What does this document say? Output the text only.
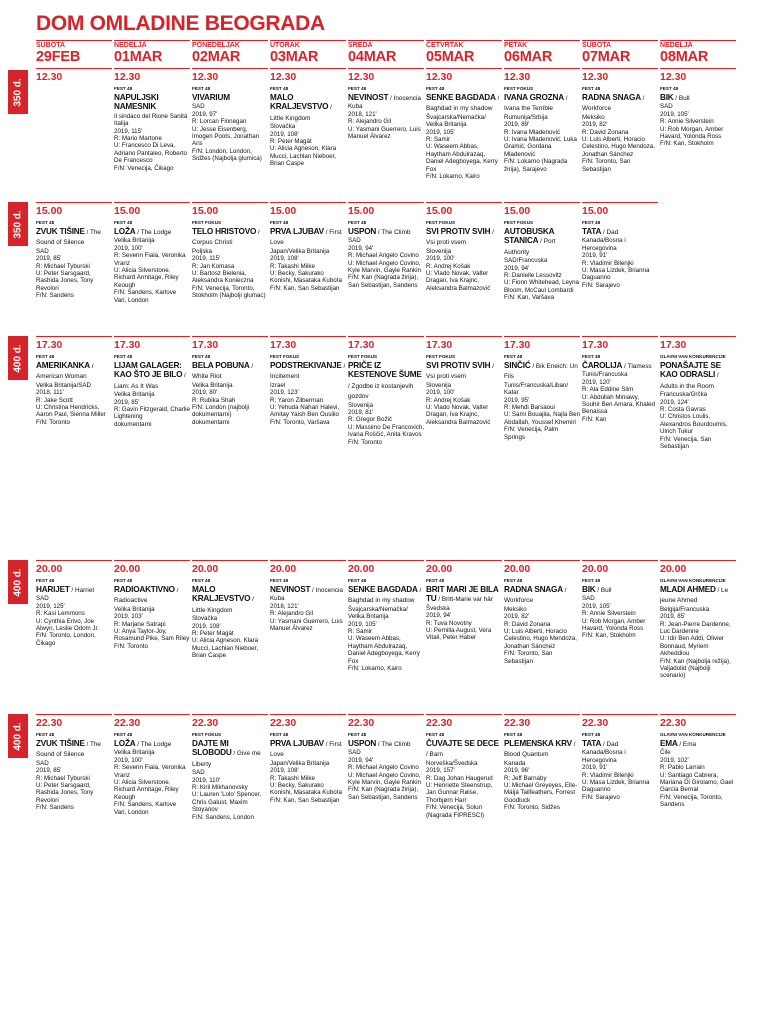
DOM OMLADINE BEOGRADA
SUBOTA
29FEB
NEDELJA
01MAR
PONEDELJAK
02MAR
UTORAK
03MAR
SREDA
04MAR
ČETVRTAK
05MAR
PETAK
06MAR
SUBOTA
07MAR
NEDELJA
08MAR
350 d.
12.30	12.30
FEST 48
NAPULJSKI NAMESNIK
Il sindaco del Rione Sanità
Italija
2019, 115'
R: Mario Martone
U: Francesco Di Leva, Adriano Pantaleo, Roberto De Francesco
F/N: Venecija, Čikago
12.30
FEST 48
VIVARIUM
SAD
2019, 97'
R: Lorcan Finnegan
U: Jesse Eisenberg, Imogen Poots, Jonathan Aris
F/N: London, London, Sidžes (Najbolja glumica)
12.30
FEST 48
MALO KRALJEVSTVO / Little Kingdom
Slovačka
2019, 108'
R: Peter Magát
U: Alicia Agneson, Klara Mucci, Lachlan Nieboer, Brian Caspe
12.30
FEST 48
NEVINOST / Inocencia
Kuba
2018, 121'
R: Alejandro Gil
U: Yasmani Guerrero, Luis Manuel Álvarez
12.30
FEST 48
SENKE BAGDADA / Baghdad in my shadow
Švajcarska/Nemačka/ Velika Britanija
2019, 105'
R: Samir
U: Waseem Abbas, Haytham Abdulrazaq, Daniel Adegboyega, Kerry Fox
F/N: Lokarno, Kairo
12.30
FEST FOKUS
IVANA GROZNA / Ivana the Terrible
Rumunija/Srbija
2019, 89'
R: Ivana Mladenović
U: Ivana Mladenović, Luka Gramić, Gordana Mladenović
F/N: Lokarno (Nagrada žirija), Sarajevo
12.30
FEST 48
RADNA SNAGA / Workforce
Meksiko
2019, 82'
R: David Zonana
U: Luis Alberti, Horacio Celestino, Hugo Mendoza, Jonathan Sánchez
F/N: Toronto, San Sebastijan
12.30
FEST 48
BIK / Bull
SAD
2019, 105'
R: Annie Silverstein
U: Rob Morgan, Amber Havard, Yolonda Ross
F/N: Kan, Stokholm
350 d. 15.00
FEST 48
ZVUK TIŠINE / The Sound of Silence
SAD
2019, 85'
R: Michael Tyburski
U: Peter Sarsgaard, Rashida Jones, Tony Revolori
F/N: Sandens
15.00
FEST 48
LOŽA / The Lodge
Velika Britanija
2019, 100'
R: Severin Fiala, Veronika Vranz
U: Alicia Silverstone, Richard Armitage, Riley Keough
F/N: Sandens, Karlove Vari, London
15.00
FEST FOKUS
TELO HRISTOVO / Corpus Christi
Poljska
2019, 115'
R: Jan Komasa
U: Bartosz Bielenia, Aleksandra Konieczna
F/N: Venecija, Toronto, Stokholm (Najbolji glumac)
15.00
FEST 48
PRVA LJUBAV / First Love
Japan/Velika Britanija
2019, 108'
R: Takashi Miike
U: Becky, Sakurako Konishi, Masataka Kubota
F/N: Kan, San Sebastijan
15.00
FEST 48
USPON / The Climb
SAD
2019, 94'
R: Michael Angelo Covino
U: Michael Angelo Covino, Kyle Marvin, Gayle Rankin
F/N: Kan (Nagrada žirija), San Sebastijan, Sandens
15.00
FEST FOKUS
SVI PROTIV SVIH / Vsi proti vsem
Slovenija
2019, 100'
R: Andrej Košak
U: Vlado Novak, Valter Dragan, Iva Krajnc, Aleksandra Balmazović
15.00
FEST FOKUS
AUTOBUSKA STANICA / Port Authority
SAD/Francuska
2019, 94'
R: Danielle Lessovitz
U: Fionn Whitehead, Leyna Bloom, McCaul Lombardi
F/N: Kan, Varšava
15.00
FEST 48
TATA / Dad
Kanada/Bosna i Hercegovina
2019, 91'
R: Vladimir Bilenjki
U: Masa Lizdek, Brianna Daguanno
F/N: Sarajevo
400 d. 17.30
FEST 48
AMERIKANKA / American Woman
Velika Britanija/SAD
2018, 111'
R: Jake Scott
U: Christina Hendricks, Aaron Paul, Sienna Miller
F/N: Toronto
17.30
FEST 48
LIJAM GALAGER: KAO ŠTO JE BILO / Liam: As It Was
Velika Britanija
2019, 85'
R: Gavin Fitzgerald, Charlie Lightening
dokumentarni
17.30
FEST 48
BELA POBUNA / White Riot
Velika Britanija
2019, 80'
R: Rubika Shah
F/N: London (najbolji dokumentarni)
dokumentarni
17.30
FEST FOKUS
PODSTREKIVANJE / Incitement
Izrael
2019, 123'
R: Yaron Zilberman
U: Yehuda Nahari Halevi, Amitay Yaish Ben Ousilio
F/N: Toronto, Varšava
17.30
FEST FOKUS
PRIČE IZ KESTENOVE ŠUME / Zgodbe iz kostanjevih gozdov
Slovenija
2019, 81'
R: Gregor Božič
U: Massimo De Francovich, Ivana Roščić, Anita Kravos
F/N: Toronto
17.30
FEST FOKUS
SVI PROTIV SVIH / Vsi proti vsem
Slovenija
2019, 100'
R: Andrej Košak
U: Vlado Novak, Valter Dragan, Iva Krajnc, Aleksandra Balmazović
17.30
FEST 48
SINČIĆ / Bik Eneich: Un Fils
Tunis/Francuska/Liban/ Katar
2019, 95'
R: Mehdi Barsaoui
U: Sami Bouajila, Najla Ben Abdallah, Youssef Khemiri
F/N: Venecija, Palm Springs
17.30
FEST 48
ČAROLIJA / Tlamess
Tunis/Francuska
2019, 120'
R: Ala Eddine Slim
U: Abdullah Miniawy, Souhir Ben Amara, Khaled Benaissa
F/N: Kan
17.30
GLAVNI VAN KONKURENCIJE
PONAŠAJTE SE KAO ODRASLI / Adults in the Room
Francuska/Grčka
2019, 124'
R: Costa Gavras
U: Christos Loulis, Alexandros Bourdoumis, Ulrich Tukur
F/N: Venecija, San Sebastijan
400 d. 20.00
FEST 48
HARIJET / Harriet
SAD
2019, 125'
R: Kasi Lemmons
U: Cynthia Erivo, Joe Alwyn, Leslie Odom Jr.
F/N: Toronto, London, Čikago
20.00
FEST 48
RADIOAKTIVNO / Radioactive
Velika Britanija
2019, 103'
R: Marjane Satrapi
U: Anya Taylor-Joy, Rosamund Pike, Sam Riley
F/N: Toronto
20.00
FEST 48
MALO KRALJEVSTVO / Little Kingdom
Slovačka
2019, 108'
R: Peter Magát
U: Alicia Agneson, Klara Mucci, Lachlan Nieboer, Brian Caspe
20.00
FEST 48
NEVINOST / Inocencia
Kuba
2018, 121'
R: Alejandro Gil
U: Yasmani Guerrero, Luis Manuel Álvarez
20.00
FEST 48
SENKE BAGDADA / Baghdad in my shadow
Švajcarska/Nemačka/ Velika Britanija
2019, 105'
R: Samir
U: Waseem Abbas, Haytham Abdulrazaq, Daniel Adegboyega, Kerry Fox
F/N: Lokarno, Kairo
20.00
FEST 48
BRIT MARI JE BILA TU / Britt-Marie var här
Švedska
2019, 94'
R: Tuva Novotny
U: Pernilla August, Vera Vitali, Peter Haber
20.00
FEST 48
RADNA SNAGA / Workforce
Meksiko
2019, 82'
R: David Zonana
U: Luis Alberti, Horacio Celestino, Hugo Mendoza, Jonathan Sánchez
F/N: Toronto, San Sebastijan
20.00
FEST 48
BIK / Bull
SAD
2019, 105'
R: Annie Silverstein
U: Rob Morgan, Amber Havard, Yolonda Ross
F/N: Kan, Stokholm
20.00
GLAVNI VAN KONKURENCIJE
MLADI AHMED / Le jeune Ahmed
Belgija/Francuska
2019, 85'
R: Jean-Pierre Dardenne, Luc Dardenne
U: Idir Ben Addi, Olivier Bonnaud, Myriem Akheddiou
F/N: Kan (Najbolja režija), Valjadolid (Najbolji scenario)
400 d. 22.30
FEST 48
ZVUK TIŠINE / The Sound of Silence
SAD
2019, 85'
R: Michael Tyburski
U: Peter Sarsgaard, Rashida Jones, Tony Revolori
F/N: Sandens
22.30
FEST 48
LOŽA / The Lodge
Velika Britanija
2019, 100'
R: Severin Fiala, Veronika Vranz
U: Alicia Silverstone, Richard Armitage, Riley Keough
F/N: Sandens, Karlove Vari, London
22.30
FEST FOKUS
DAJTE MI SLOBODU / Give me Liberty
SAD
2019, 110'
R: Kiril Mikhanovsky
U: Lauren 'Lolo' Spencer, Chris Galust, Maxim Stoyanov
F/N: Sandens, London
22.30
FEST 48
PRVA LJUBAV / First Love
Japan/Velika Britanija
2019, 108'
R: Takashi Miike
U: Becky, Sakurako Konishi, Masataka Kubota
F/N: Kan, San Sebastijan
22.30
FEST 48
USPON / The Climb
SAD
2019, 94'
R: Michael Angelo Covino
U: Michael Angelo Covino, Kyle Marvin, Gayle Rankin
F/N: Kan (Nagrada žirija), San Sebastijan, Sandens
22.30
FEST 48
ČUVAJTE SE DECE / Barn
Norveška/Švedska
2019, 157'
R: Dag Johan Haugerud
U: Henriette Steenstrup, Jan Gunnar Røise, Thorbjørn Harr
F/N: Venecija, Solun (Nagrada FIPRESCI)
22.30
FEST 48
PLEMENSKA KRV / Blood Quantum
Kanada
2019, 96'
R: Jeff Barnaby
U: Michael Greyeyes, Elle-Máijá Tailfeathers, Forrest Goodluck
F/N: Toronto, Sidžes
22.30
FEST 48
TATA / Dad
Kanada/Bosna i Hercegovina
2019, 91'
R: Vladimir Bilenjki
U: Masa Lizdek, Brianna Daguanno
F/N: Sarajevo
22.30
GLAVNI VAN KONKURENCIJE
EMA / Ema
Čile
2019, 102'
R: Pablo Larrain
U: Santiago Cabrera, Mariana Di Girolamo, Gael García Bernal
F/N: Venecija, Toronto, Sandens
